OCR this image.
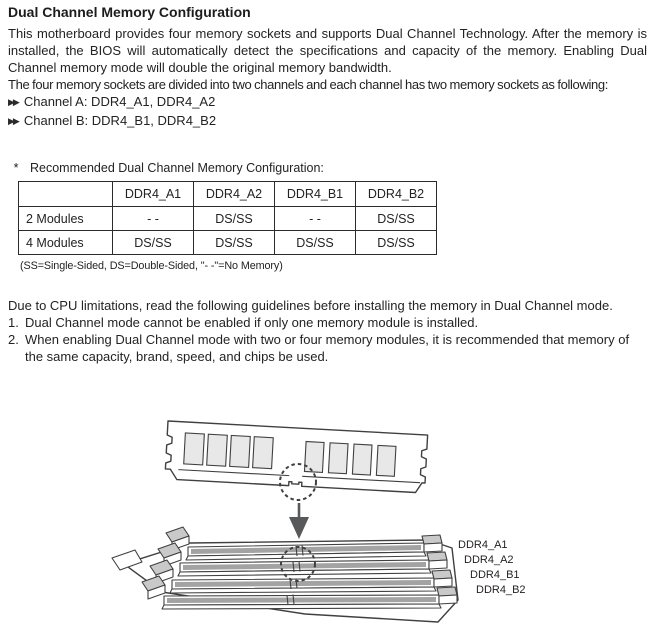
Dual Channel Memory Configuration

This motherboard provides four memory sockets and supports Dual Channel Technology. After the memory is installed, the BIOS will automatically detect the specifications and capacity of the memory. Enabling Dual Channel memory mode will double the original memory bandwidth.

The four memory sockets are divided into two channels and each channel has two memory sockets as following:

▶▶ Channel A: DDR4_A1, DDR4_A2
▶▶ Channel B: DDR4_B1, DDR4_B2
* Recommended Dual Channel Memory Configuration:
	DDR4_A1	DDR4_A2	DDR4_B1	DDR4_B2
2 Modules	- -	DS/SS	- -	DS/SS
4 Modules	DS/SS	DS/SS	DS/SS	DS/SS

(SS=Single-Sided, DS=Double-Sided, "- -"=No Memory)

Due to CPU limitations, read the following guidelines before installing the memory in Dual Channel mode.

1. Dual Channel mode cannot be enabled if only one memory module is installed.
2. When enabling Dual Channel mode with two or four memory modules, it is recommended that memory of the same capacity, brand, speed, and chips be used.
DDR4_A1
DDR4_A2
DDR4_B1
DDR4_B2
